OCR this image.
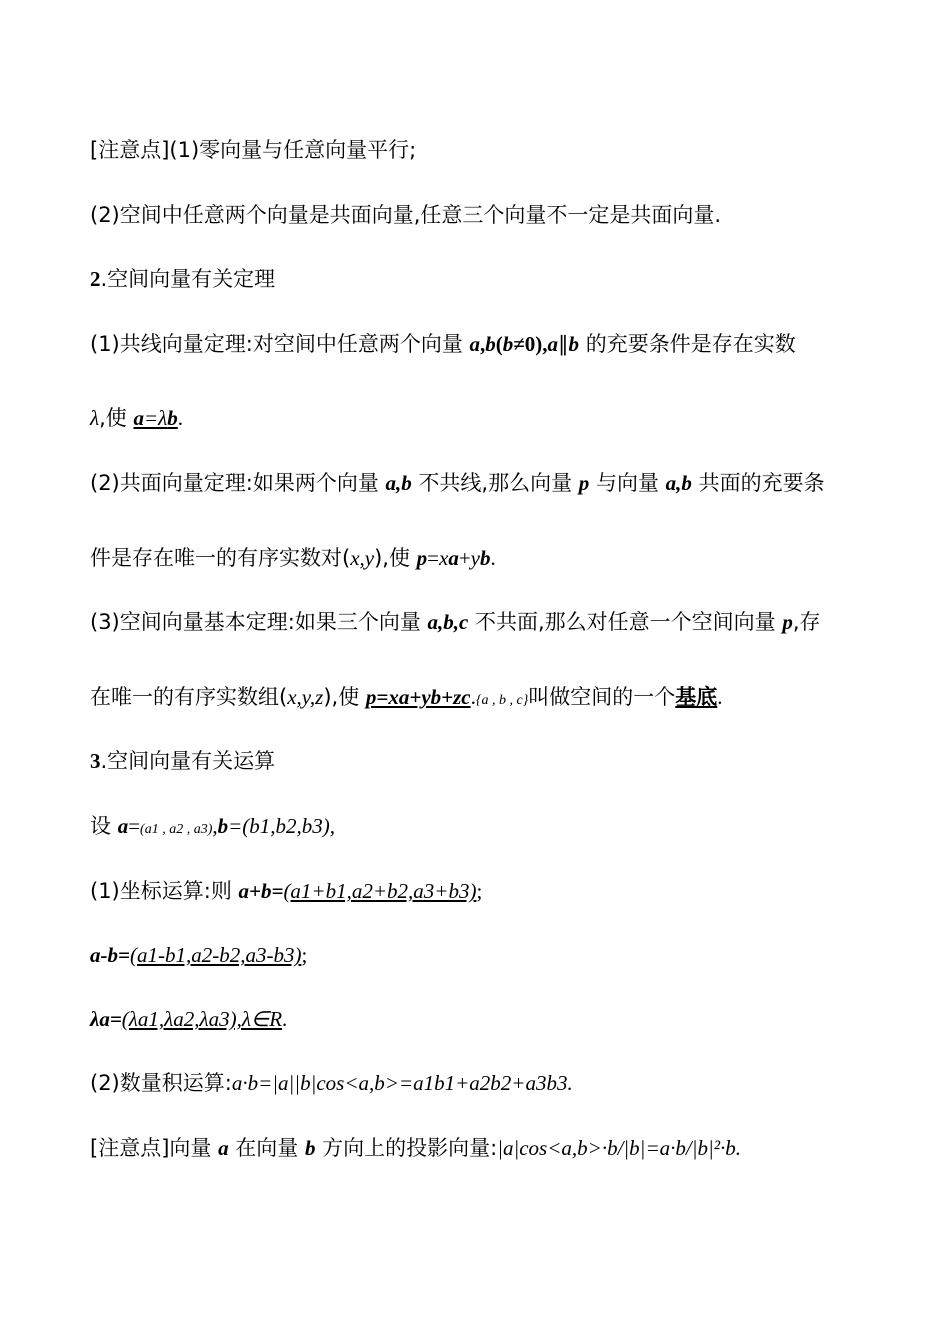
[注意点](1)零向量与任意向量平行;
(2)空间中任意两个向量是共面向量,任意三个向量不一定是共面向量.
2.空间向量有关定理
(1)共线向量定理:对空间中任意两个向量 a,b(b≠0),a∥b 的充要条件是存在实数
λ,使 a=λb.
(2)共面向量定理:如果两个向量 a,b 不共线,那么向量 p 与向量 a,b 共面的充要条
件是存在唯一的有序实数对(x,y),使 p=xa+yb.
(3)空间向量基本定理:如果三个向量 a,b,c 不共面,那么对任意一个空间向量 p,存
在唯一的有序实数组(x,y,z),使 p=xa+yb+zc.{a , b , c}叫做空间的一个基底.
3.空间向量有关运算
设 a=(a1 , a2 , a3),b=(b1,b2,b3),
(1)坐标运算:则 a+b=(a1+b1,a2+b2,a3+b3);
a-b=(a1-b1,a2-b2,a3-b3);
λa=(λa1,λa2,λa3),λ∈R.
(2)数量积运算:a·b=|a||b|cos<a,b>=a1b1+a2b2+a3b3.
[注意点]向量 a 在向量 b 方向上的投影向量:|a|cos<a,b>·b/|b|=a·b/|b|²·b.
